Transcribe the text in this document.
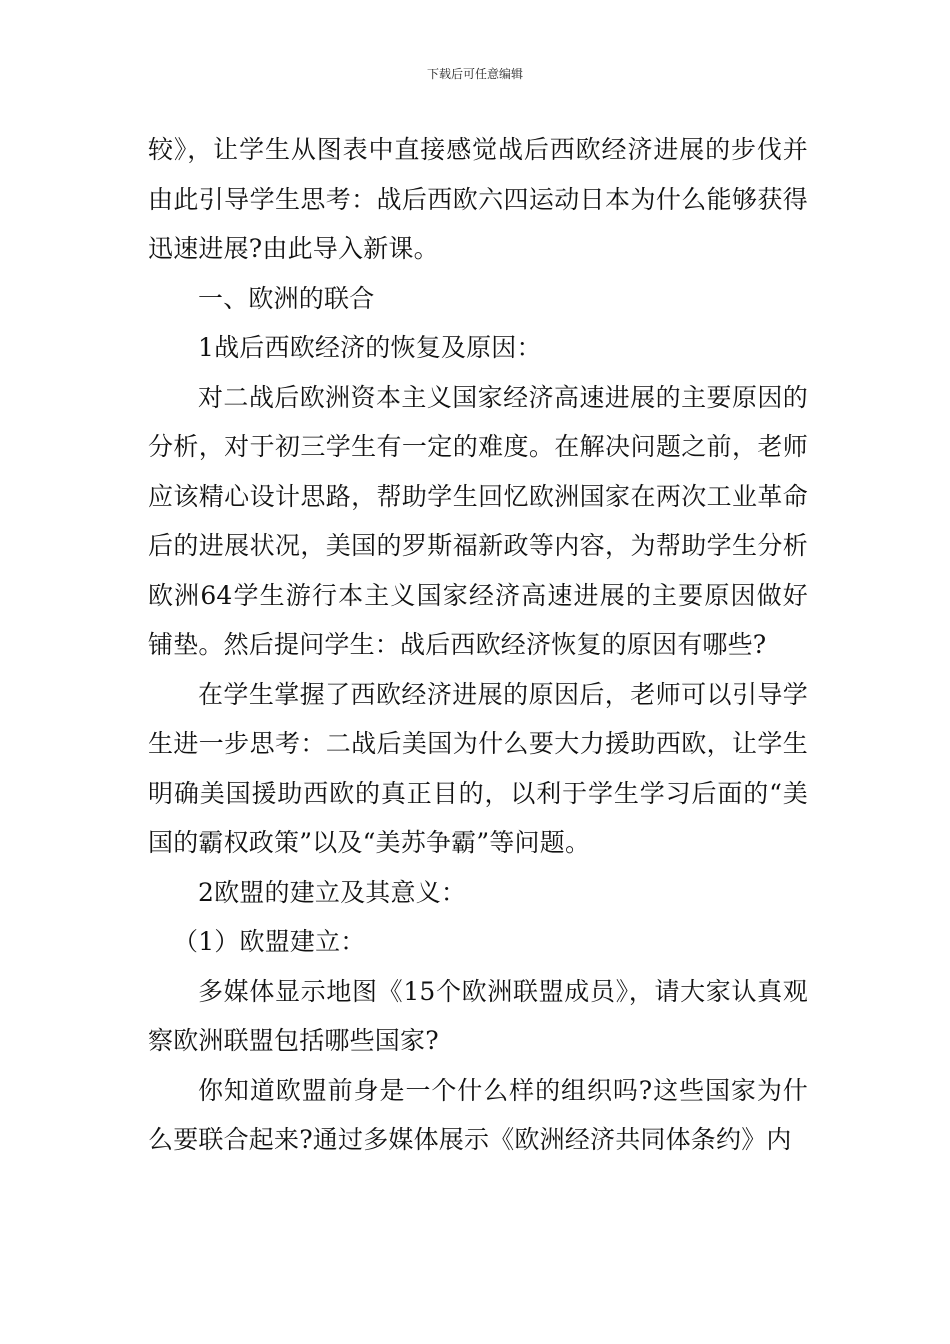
下载后可任意编辑

较》，让学生从图表中直接感觉战后西欧经济进展的步伐并由此引导学生思考：战后西欧六四运动日本为什么能够获得迅速进展?由此导入新课。

一、欧洲的联合

1战后西欧经济的恢复及原因：

对二战后欧洲资本主义国家经济高速进展的主要原因的分析，对于初三学生有一定的难度。在解决问题之前，老师应该精心设计思路，帮助学生回忆欧洲国家在两次工业革命后的进展状况，美国的罗斯福新政等内容，为帮助学生分析欧洲64学生游行本主义国家经济高速进展的主要原因做好铺垫。然后提问学生：战后西欧经济恢复的原因有哪些?

在学生掌握了西欧经济进展的原因后，老师可以引导学生进一步思考：二战后美国为什么要大力援助西欧，让学生明确美国援助西欧的真正目的，以利于学生学习后面的“美国的霸权政策”以及“美苏争霸”等问题。

2欧盟的建立及其意义：

（1）欧盟建立：

多媒体显示地图《15个欧洲联盟成员》，请大家认真观察欧洲联盟包括哪些国家?

你知道欧盟前身是一个什么样的组织吗?这些国家为什么要联合起来?通过多媒体展示《欧洲经济共同体条约》内
